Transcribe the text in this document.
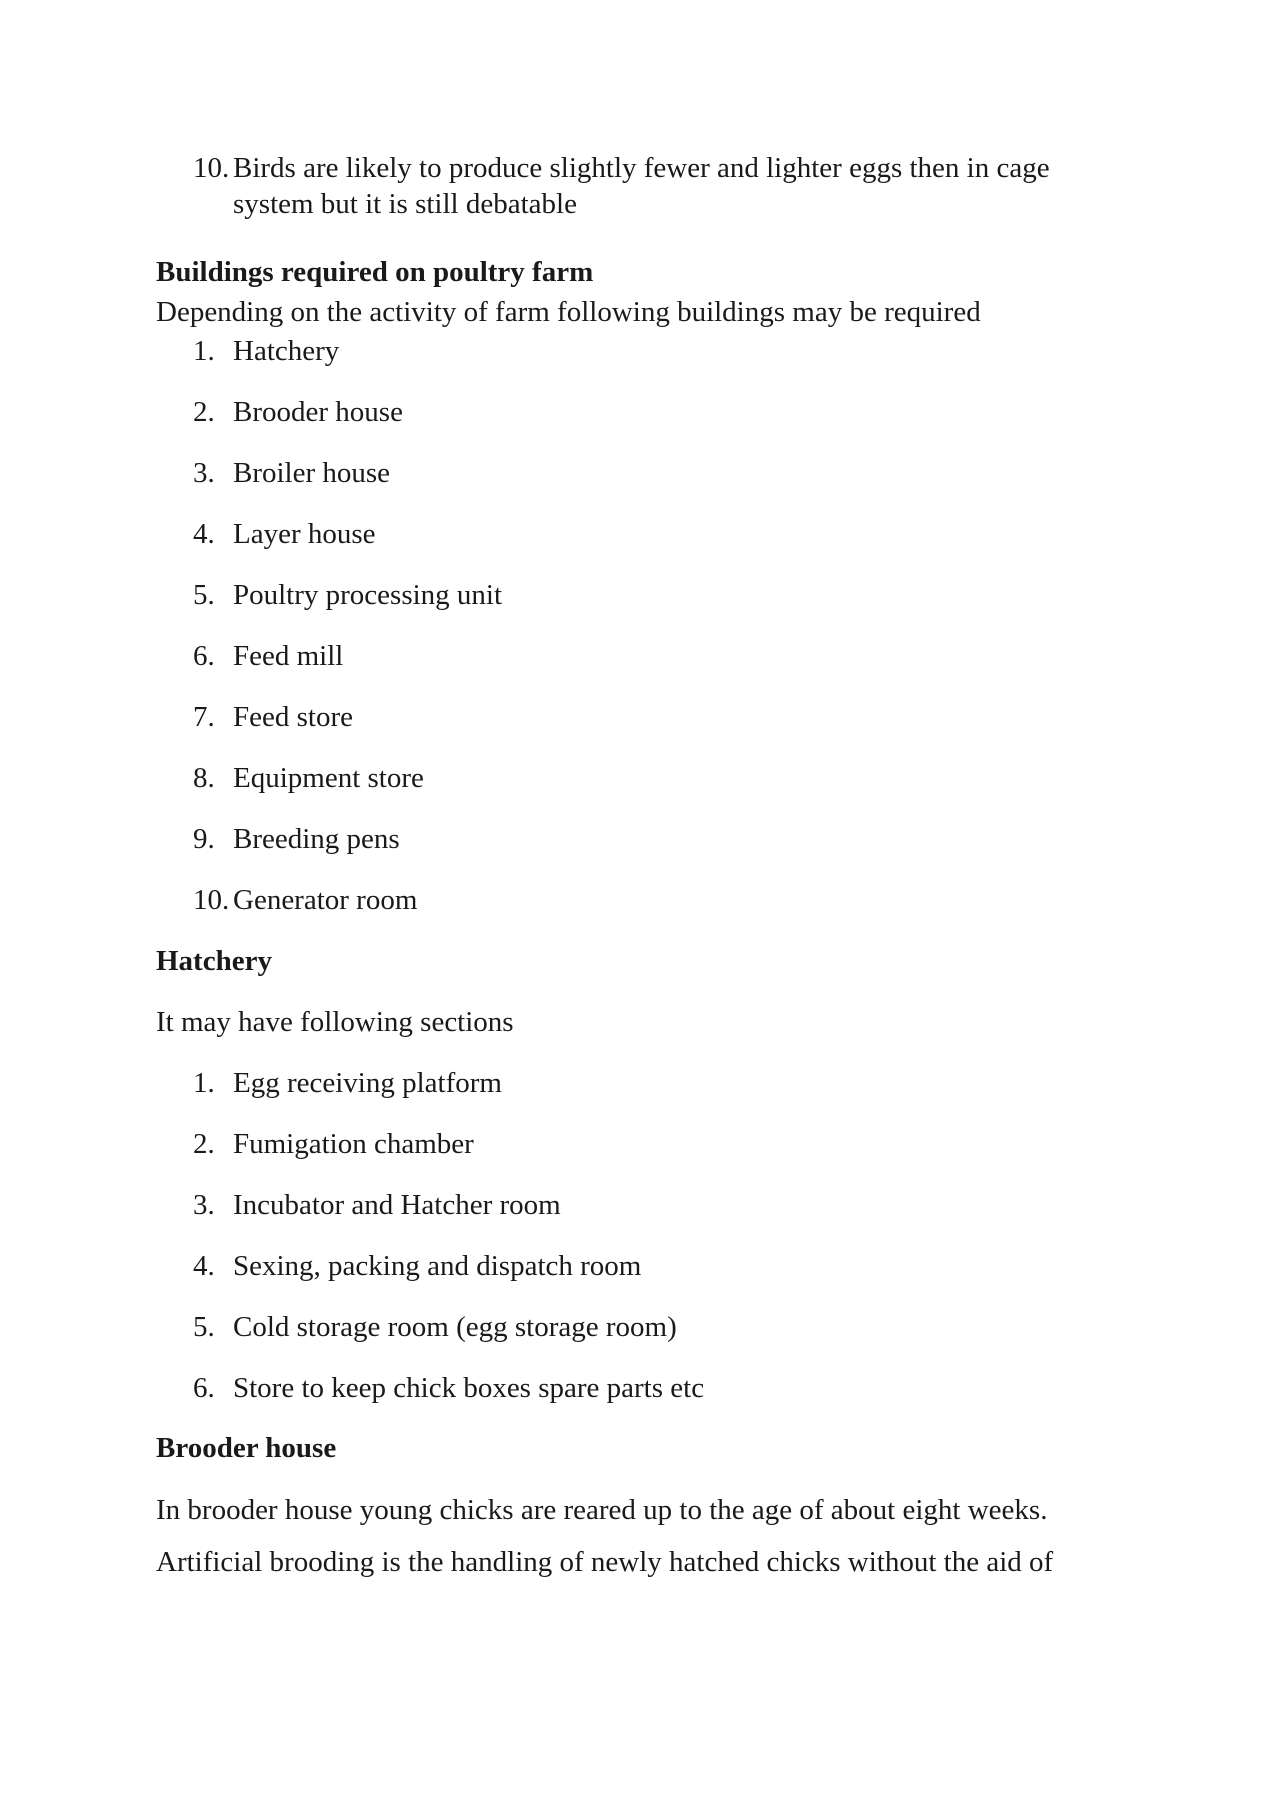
10. Birds are likely to produce slightly fewer and lighter eggs then in cage system but it is still debatable
Buildings required on poultry farm
Depending on the activity of farm following buildings may be required
1. Hatchery
2. Brooder house
3. Broiler house
4. Layer house
5. Poultry processing unit
6. Feed mill
7. Feed store
8. Equipment store
9. Breeding pens
10. Generator room
Hatchery
It may have following sections
1. Egg receiving platform
2. Fumigation chamber
3. Incubator and Hatcher room
4. Sexing, packing and dispatch room
5. Cold storage room (egg storage room)
6. Store to keep chick boxes spare parts etc
Brooder house
In brooder house young chicks are reared up to the age of about eight weeks.
Artificial brooding is the handling of newly hatched chicks without the aid of
